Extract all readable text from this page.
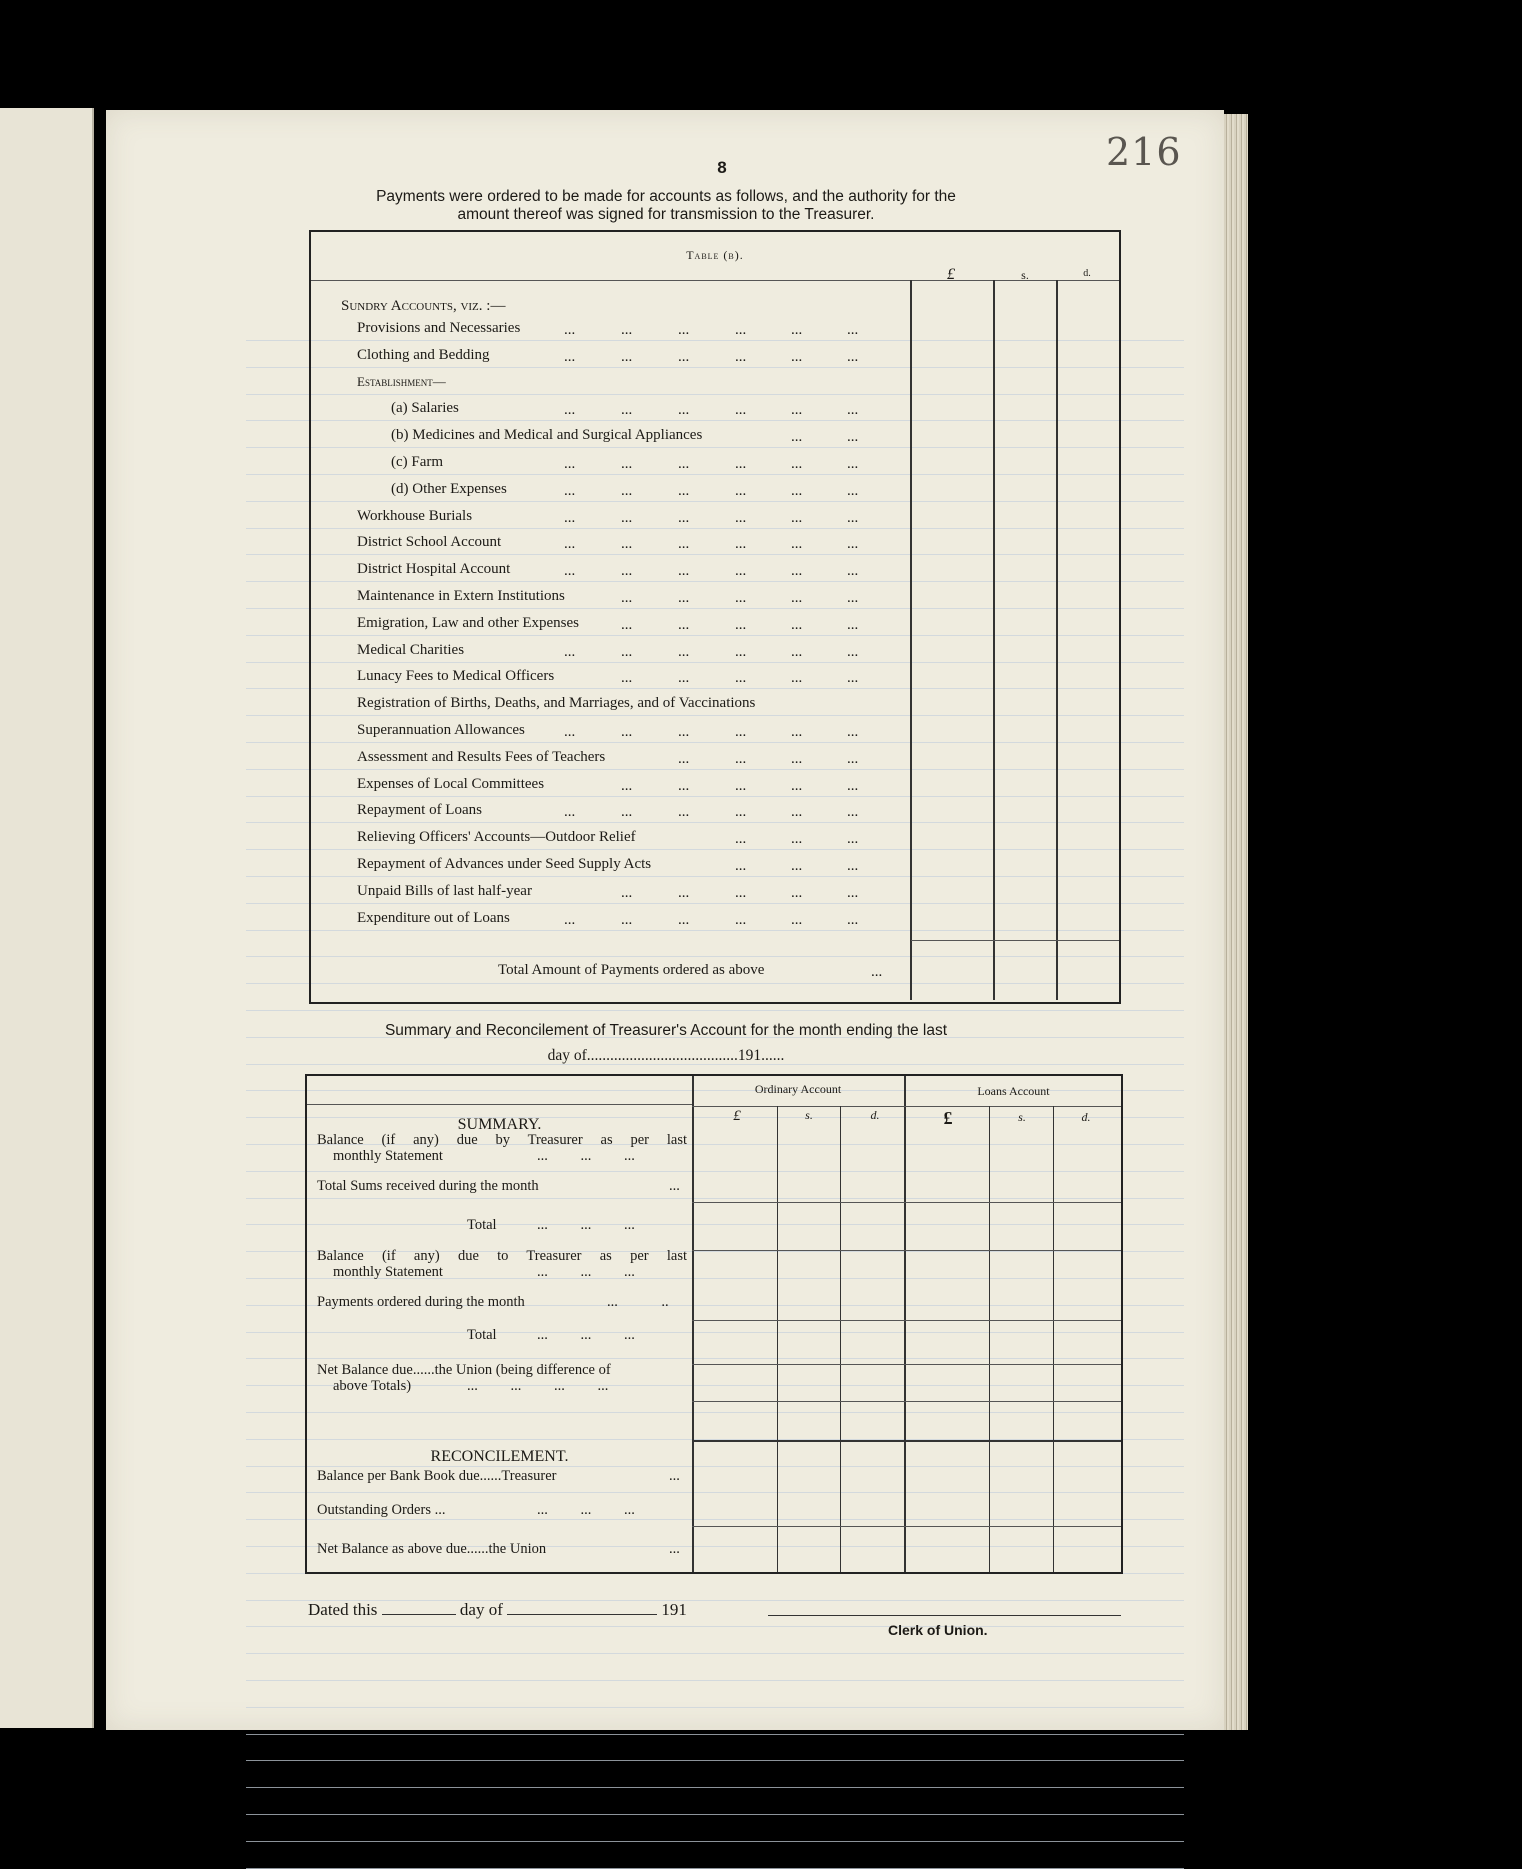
216
8
Payments were ordered to be made for accounts as follows, and the authority for the amount thereof was signed for transmission to the Treasurer.
Table (b).
£	s.	d.
Sundry Accounts, viz. :—
Provisions and Necessaries	...	...	...	...	...	...
Clothing and Bedding	...	...	...	...	...	...
Establishment—
(a) Salaries	...	...	...	...	...	...
(b) Medicines and Medical and Surgical Appliances	...	...
(c) Farm	...	...	...	...	...	...
(d) Other Expenses	...	...	...	...	...	...
Workhouse Burials	...	...	...	...	...	...
District School Account	...	...	...	...	...	...
District Hospital Account	...	...	...	...	...	...
Maintenance in Extern Institutions	...	...	...	...	...
Emigration, Law and other Expenses	...	...	...	...	...
Medical Charities	...	...	...	...	...	...
Lunacy Fees to Medical Officers	...	...	...	...	...
Registration of Births, Deaths, and Marriages, and of Vaccinations
Superannuation Allowances	...	...	...	...	...	...
Assessment and Results Fees of Teachers	...	...	...	...
Expenses of Local Committees	...	...	...	...	...
Repayment of Loans	...	...	...	...	...	...
Relieving Officers' Accounts—Outdoor Relief	...	...	...
Repayment of Advances under Seed Supply Acts	...	...	...
Unpaid Bills of last half-year	...	...	...	...	...
Expenditure out of Loans	...	...	...	...	...	...
Total Amount of Payments ordered as above	...
Summary and Reconcilement of Treasurer's Account for the month ending the last
day of.......................................191......
Ordinary Account	Loans Account
£	s.	d.	£	s.	d.
SUMMARY.
Balance (if any) due by Treasurer as per last
monthly Statement	...         ...         ...
Total Sums received during the month	...
Total	...         ...         ...
Balance (if any) due to Treasurer as per last
monthly Statement	...         ...         ...
Payments ordered during the month	...            ..
Total	...         ...         ...
Net Balance due......the Union (being difference of
above Totals)	...         ...         ...         ...
RECONCILEMENT.
Balance per Bank Book due......Treasurer	...
Outstanding Orders ...	...         ...         ...
Net Balance as above due......the Union	...
Dated this	day of	191
Clerk of Union.
